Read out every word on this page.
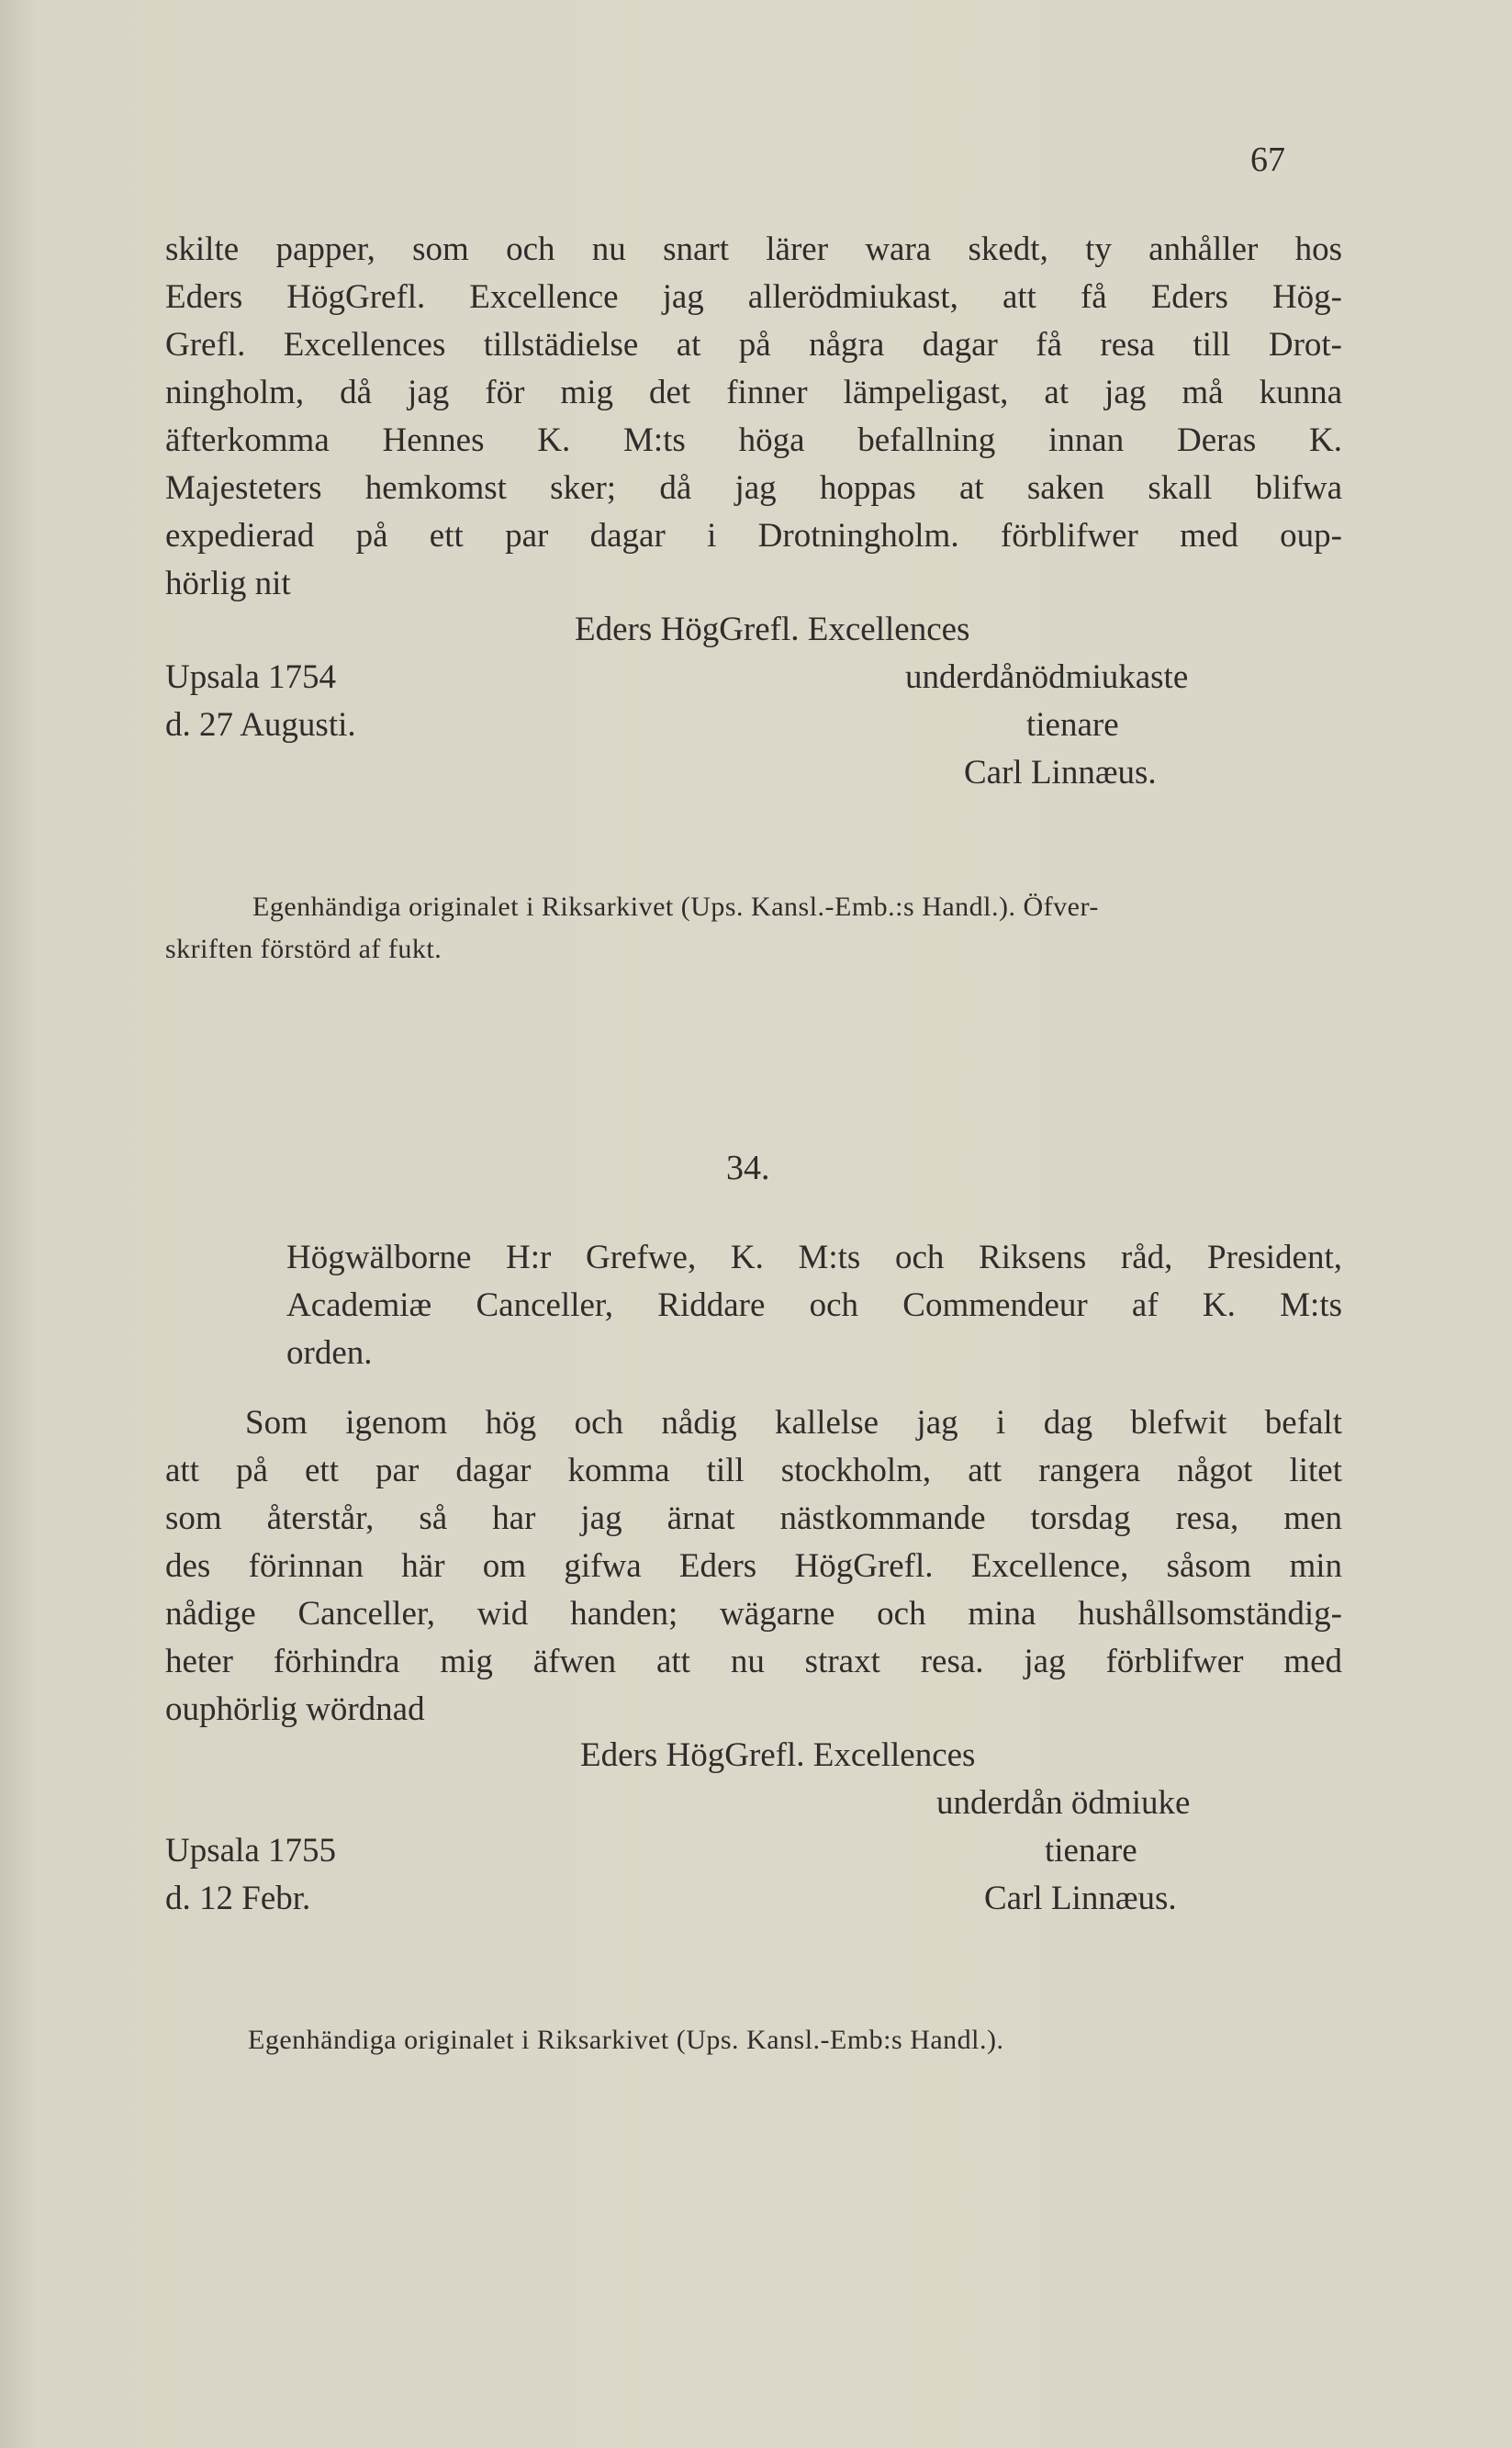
67
skilte papper, som och nu snart lärer wara skedt, ty anhåller hos
Eders HögGrefl. Excellence jag allerödmiukast, att få Eders Hög-
Grefl. Excellences tillstädielse at på några dagar få resa till Drot-
ningholm, då jag för mig det finner lämpeligast, at jag må kunna
äfterkomma Hennes K. M:ts höga befallning innan Deras K.
Majesteters hemkomst sker; då jag hoppas at saken skall blifwa
expedierad på ett par dagar i Drotningholm. förblifwer med oup-
hörlig nit
Eders HögGrefl. Excellences
Upsala 1754	underdånödmiukaste
d. 27 Augusti.	tienare
Carl Linnæus.
Egenhändiga originalet i Riksarkivet (Ups. Kansl.-Emb.:s Handl.). Öfver-
skriften förstörd af fukt.
34.
Högwälborne H:r Grefwe, K. M:ts och Riksens råd, President,
Academiæ Canceller, Riddare och Commendeur af K. M:ts
orden.
Som igenom hög och nådig kallelse jag i dag blefwit befalt
att på ett par dagar komma till stockholm, att rangera något litet
som återstår, så har jag ärnat nästkommande torsdag resa, men
des förinnan här om gifwa Eders HögGrefl. Excellence, såsom min
nådige Canceller, wid handen; wägarne och mina hushållsomständig-
heter förhindra mig äfwen att nu straxt resa. jag förblifwer med
ouphörlig wördnad
Eders HögGrefl. Excellences
underdån ödmiuke
Upsala 1755	tienare
d. 12 Febr.	Carl Linnæus.
Egenhändiga originalet i Riksarkivet (Ups. Kansl.-Emb:s Handl.).
